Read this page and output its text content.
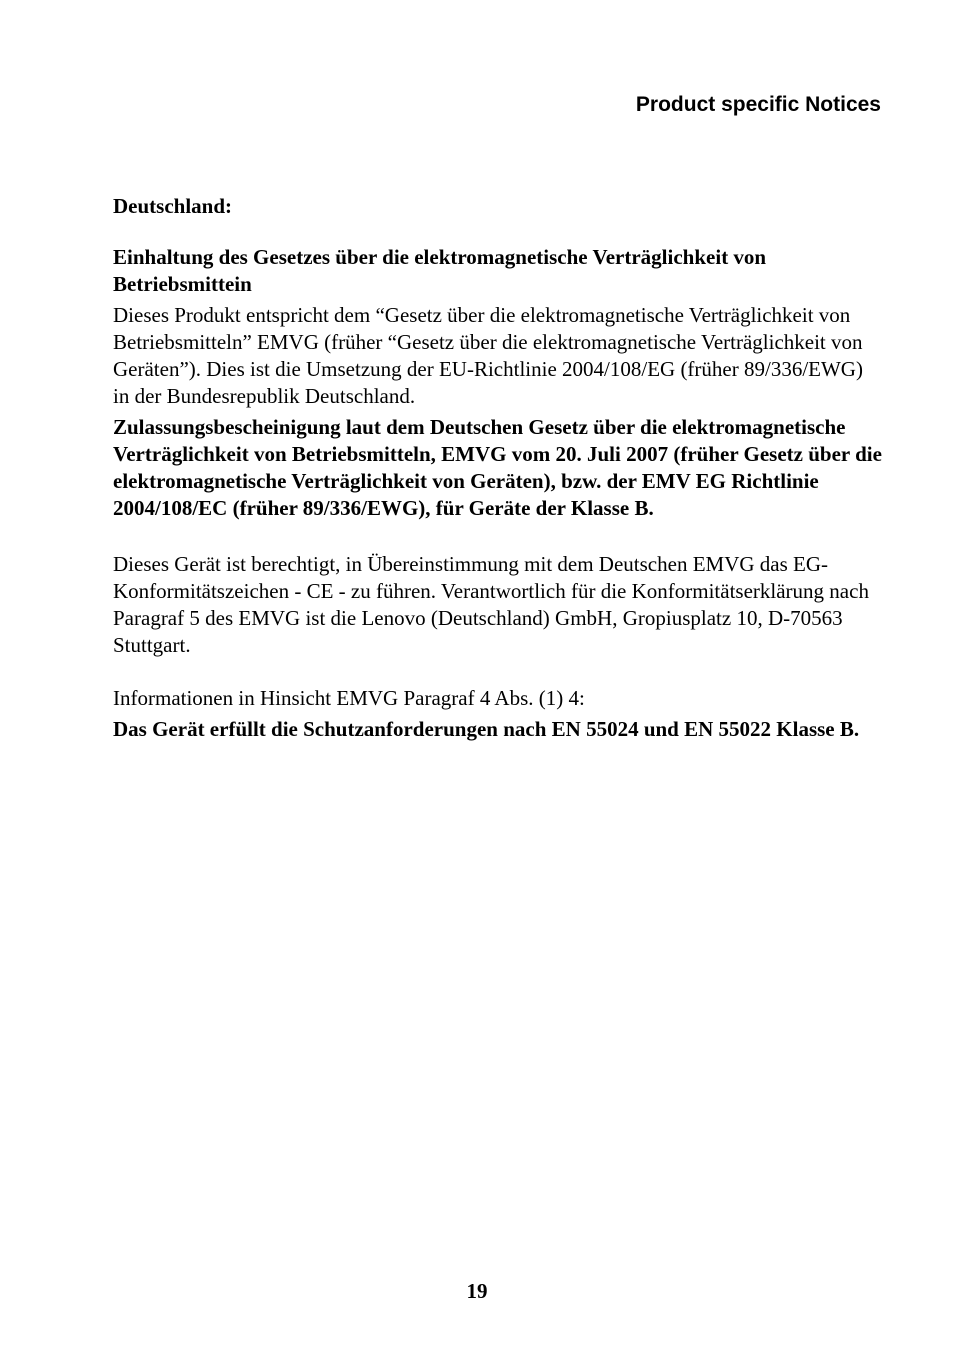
Product specific Notices

Deutschland:

Einhaltung des Gesetzes über die elektromagnetische Verträglichkeit von Betriebsmittein

Dieses Produkt entspricht dem “Gesetz über die elektromagnetische Verträglichkeit von Betriebsmitteln” EMVG (früher “Gesetz über die elektromagnetische Verträglichkeit von Geräten”). Dies ist die Umsetzung der EU-Richtlinie 2004/108/EG (früher 89/336/EWG) in der Bundesrepublik Deutschland.

Zulassungsbescheinigung laut dem Deutschen Gesetz über die elektromagnetische Verträglichkeit von Betriebsmitteln, EMVG vom 20. Juli 2007 (früher Gesetz über die elektromagnetische Verträglichkeit von Geräten), bzw. der EMV EG Richtlinie 2004/108/EC (früher 89/336/EWG), für Geräte der Klasse B.

Dieses Gerät ist berechtigt, in Übereinstimmung mit dem Deutschen EMVG das EG-Konformitätszeichen - CE - zu führen. Verantwortlich für die Konformitätserklärung nach Paragraf 5 des EMVG ist die Lenovo (Deutschland) GmbH, Gropiusplatz 10, D-70563 Stuttgart.

Informationen in Hinsicht EMVG Paragraf 4 Abs. (1) 4:

Das Gerät erfüllt die Schutzanforderungen nach EN 55024 und EN 55022 Klasse B.

19
